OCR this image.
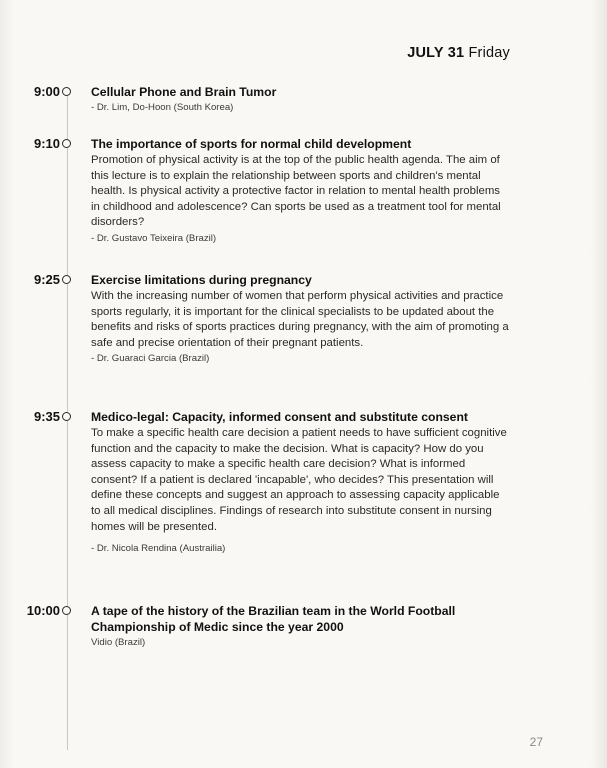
JULY 31 Friday
9:00	Cellular Phone and Brain Tumor

- Dr. Lim, Do-Hoon (South Korea)
9:10	The importance of sports for normal child development

Promotion of physical activity is at the top of the public health agenda. The aim of this lecture is to explain the relationship between sports and children's mental health. Is physical activity a protective factor in relation to mental health problems in childhood and adolescence? Can sports be used as a treatment tool for mental disorders?

- Dr. Gustavo Teixeira (Brazil)
9:25	Exercise limitations during pregnancy

With the increasing number of women that perform physical activities and practice sports regularly, it is important for the clinical specialists to be updated about the benefits and risks of sports practices during pregnancy, with the aim of promoting a safe and precise orientation of their pregnant patients.

- Dr. Guaraci Garcia (Brazil)
9:35	Medico-legal: Capacity, informed consent and substitute consent

To make a specific health care decision a patient needs to have sufficient cognitive function and the capacity to make the decision. What is capacity? How do you assess capacity to make a specific health care decision? What is informed consent? If a patient is declared 'incapable', who decides? This presentation will define these concepts and suggest an approach to assessing capacity applicable to all medical disciplines. Findings of research into substitute consent in nursing homes will be presented.

- Dr. Nicola Rendina (Austrailia)
10:00	A tape of the history of the Brazilian team in the World Football Championship of Medic since the year 2000

Vidio (Brazil)
27
